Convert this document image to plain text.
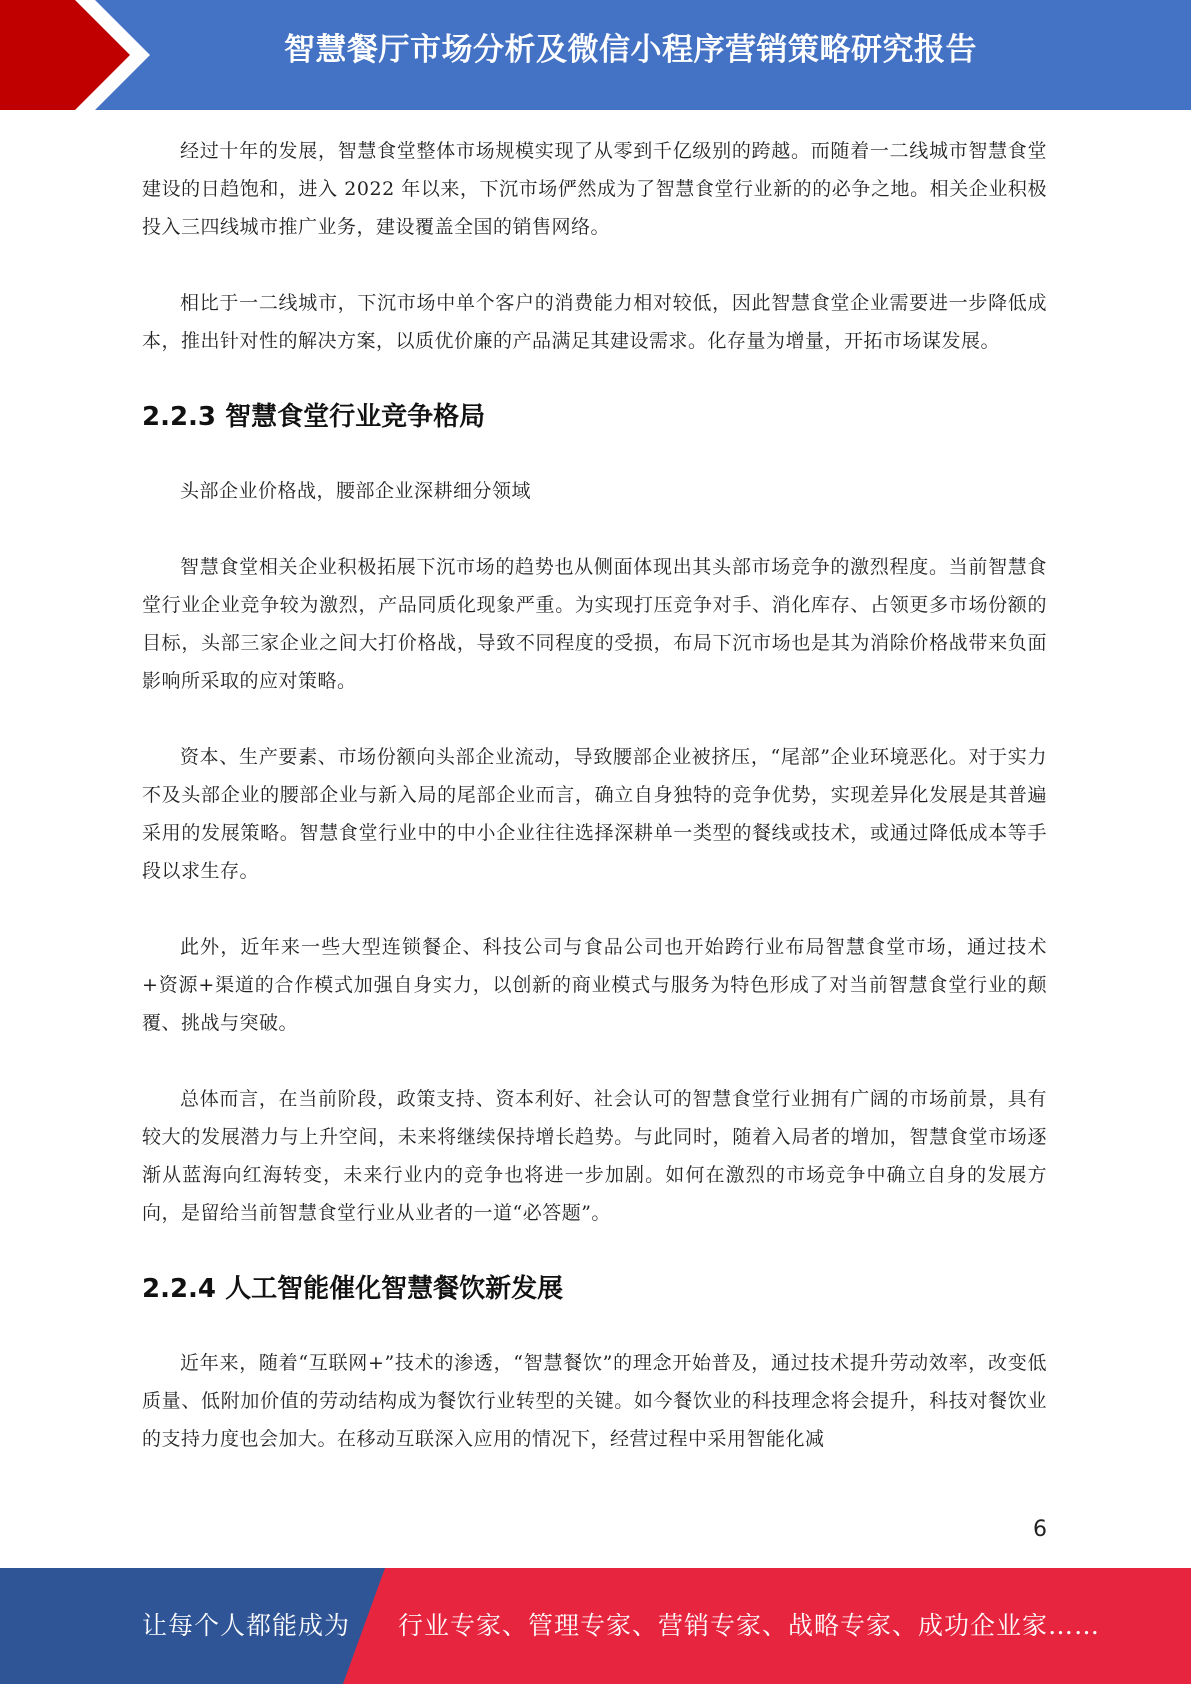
智慧餐厅市场分析及微信小程序营销策略研究报告

经过十年的发展，智慧食堂整体市场规模实现了从零到千亿级别的跨越。而随着一二线城市智慧食堂建设的日趋饱和，进入 2022 年以来，下沉市场俨然成为了智慧食堂行业新的的必争之地。相关企业积极投入三四线城市推广业务，建设覆盖全国的销售网络。

相比于一二线城市，下沉市场中单个客户的消费能力相对较低，因此智慧食堂企业需要进一步降低成本，推出针对性的解决方案，以质优价廉的产品满足其建设需求。化存量为增量，开拓市场谋发展。

2.2.3 智慧食堂行业竞争格局

头部企业价格战，腰部企业深耕细分领域

智慧食堂相关企业积极拓展下沉市场的趋势也从侧面体现出其头部市场竞争的激烈程度。当前智慧食堂行业企业竞争较为激烈，产品同质化现象严重。为实现打压竞争对手、消化库存、占领更多市场份额的目标，头部三家企业之间大打价格战，导致不同程度的受损，布局下沉市场也是其为消除价格战带来负面影响所采取的应对策略。

资本、生产要素、市场份额向头部企业流动，导致腰部企业被挤压，“尾部”企业环境恶化。对于实力不及头部企业的腰部企业与新入局的尾部企业而言，确立自身独特的竞争优势，实现差异化发展是其普遍采用的发展策略。智慧食堂行业中的中小企业往往选择深耕单一类型的餐线或技术，或通过降低成本等手段以求生存。

此外，近年来一些大型连锁餐企、科技公司与食品公司也开始跨行业布局智慧食堂市场，通过技术+资源+渠道的合作模式加强自身实力，以创新的商业模式与服务为特色形成了对当前智慧食堂行业的颠覆、挑战与突破。

总体而言，在当前阶段，政策支持、资本利好、社会认可的智慧食堂行业拥有广阔的市场前景，具有较大的发展潜力与上升空间，未来将继续保持增长趋势。与此同时，随着入局者的增加，智慧食堂市场逐渐从蓝海向红海转变，未来行业内的竞争也将进一步加剧。如何在激烈的市场竞争中确立自身的发展方向，是留给当前智慧食堂行业从业者的一道“必答题”。

2.2.4 人工智能催化智慧餐饮新发展

近年来，随着“互联网+”技术的渗透，“智慧餐饮”的理念开始普及，通过技术提升劳动效率，改变低质量、低附加价值的劳动结构成为餐饮行业转型的关键。如今餐饮业的科技理念将会提升，科技对餐饮业的支持力度也会加大。在移动互联深入应用的情况下，经营过程中采用智能化减

6
让每个人都能成为 行业专家、管理专家、营销专家、战略专家、成功企业家……
